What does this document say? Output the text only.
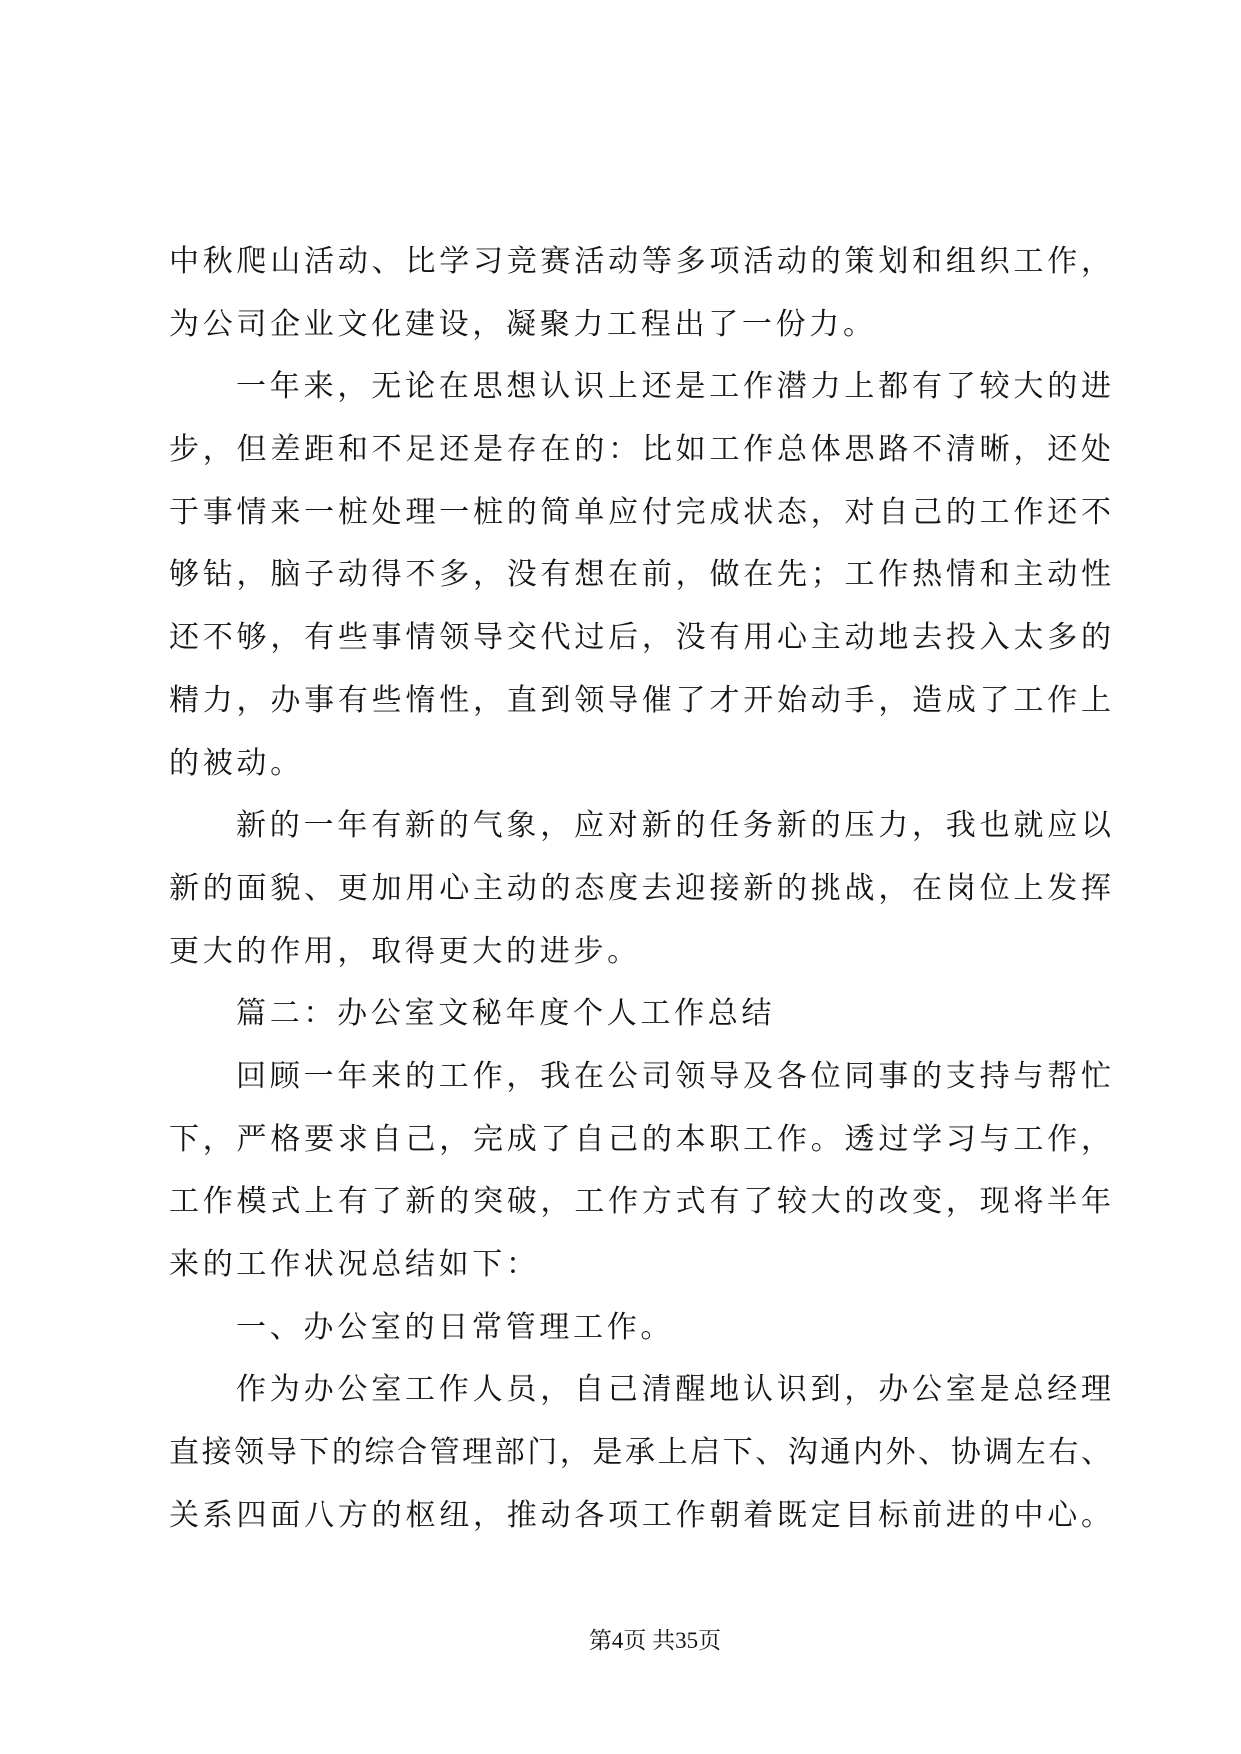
中秋爬山活动、比学习竞赛活动等多项活动的策划和组织工作，
为公司企业文化建设，凝聚力工程出了一份力。
一年来，无论在思想认识上还是工作潜力上都有了较大的进
步，但差距和不足还是存在的：比如工作总体思路不清晰，还处
于事情来一桩处理一桩的简单应付完成状态，对自己的工作还不
够钻，脑子动得不多，没有想在前，做在先；工作热情和主动性
还不够，有些事情领导交代过后，没有用心主动地去投入太多的
精力，办事有些惰性，直到领导催了才开始动手，造成了工作上
的被动。
新的一年有新的气象，应对新的任务新的压力，我也就应以
新的面貌、更加用心主动的态度去迎接新的挑战，在岗位上发挥
更大的作用，取得更大的进步。
篇二：办公室文秘年度个人工作总结
回顾一年来的工作，我在公司领导及各位同事的支持与帮忙
下，严格要求自己，完成了自己的本职工作。透过学习与工作，
工作模式上有了新的突破，工作方式有了较大的改变，现将半年
来的工作状况总结如下：
一、办公室的日常管理工作。
作为办公室工作人员，自己清醒地认识到，办公室是总经理
直接领导下的综合管理部门，是承上启下、沟通内外、协调左右、
关系四面八方的枢纽，推动各项工作朝着既定目标前进的中心。
第4页 共35页
